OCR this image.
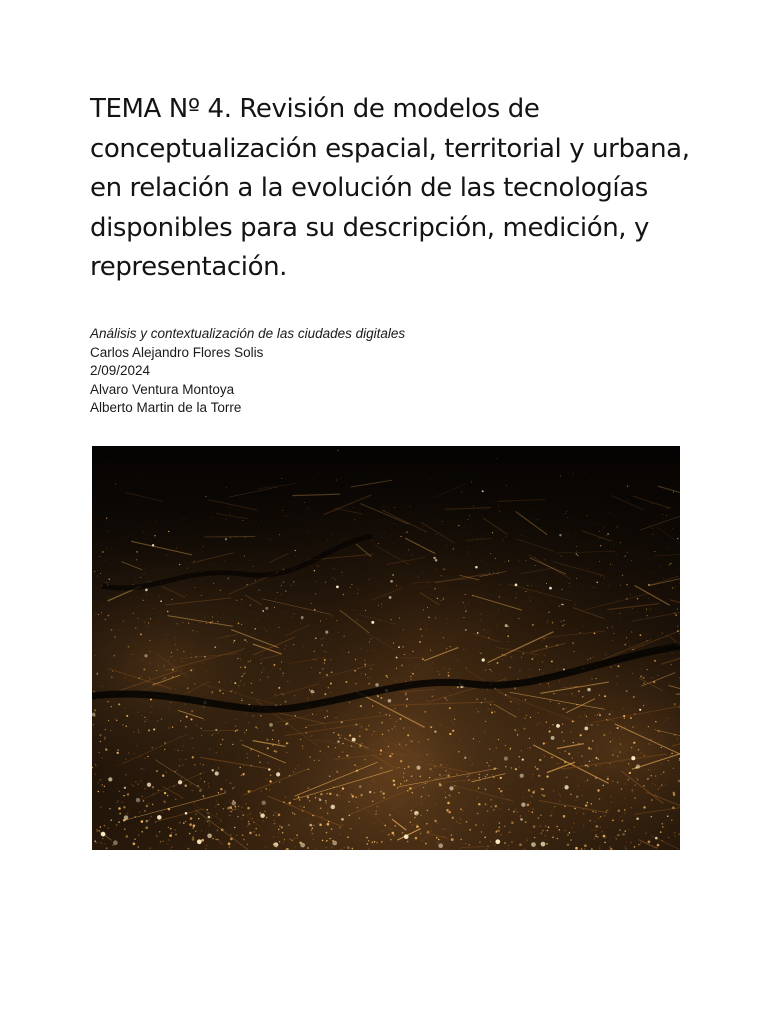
TEMA Nº 4. Revisión de modelos de conceptualización espacial, territorial y urbana, en relación a la evolución de las tecnologías disponibles para su descripción, medición, y representación.
Análisis y contextualización de las ciudades digitales
Carlos Alejandro Flores Solis
2/09/2024
Alvaro Ventura Montoya
Alberto Martin de la Torre
